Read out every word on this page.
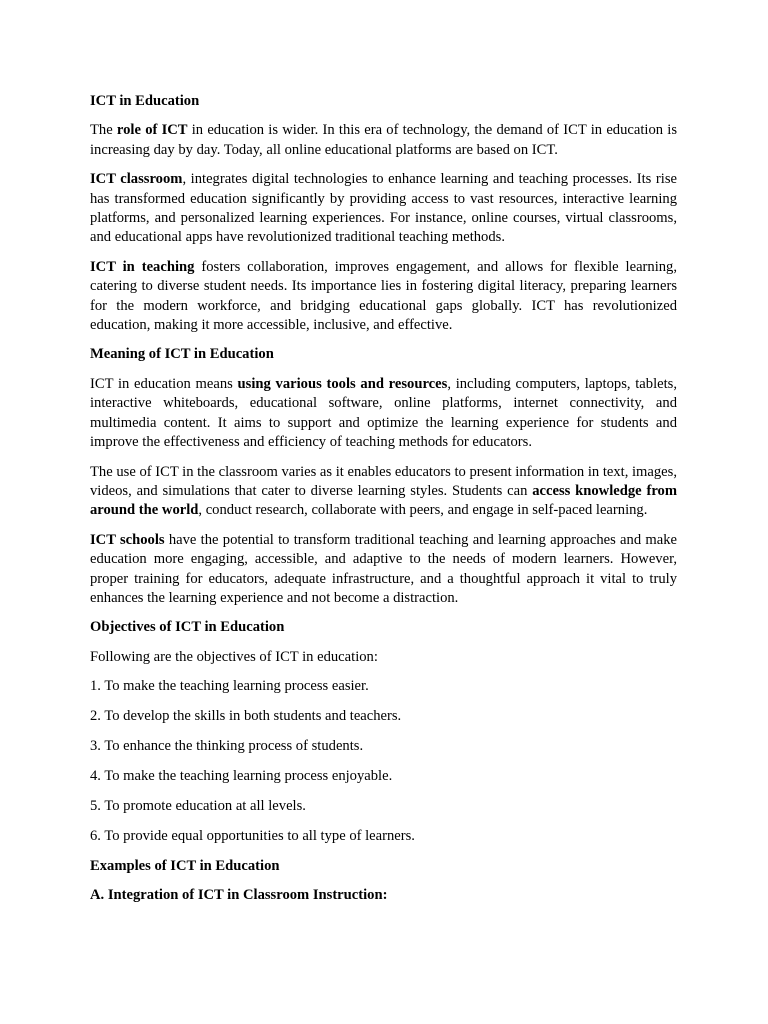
ICT in Education

The role of ICT in education is wider. In this era of technology, the demand of ICT in education is increasing day by day. Today, all online educational platforms are based on ICT.

ICT classroom, integrates digital technologies to enhance learning and teaching processes. Its rise has transformed education significantly by providing access to vast resources, interactive learning platforms, and personalized learning experiences. For instance, online courses, virtual classrooms, and educational apps have revolutionized traditional teaching methods.

ICT in teaching fosters collaboration, improves engagement, and allows for flexible learning, catering to diverse student needs. Its importance lies in fostering digital literacy, preparing learners for the modern workforce, and bridging educational gaps globally. ICT has revolutionized education, making it more accessible, inclusive, and effective.

Meaning of ICT in Education

ICT in education means using various tools and resources, including computers, laptops, tablets, interactive whiteboards, educational software, online platforms, internet connectivity, and multimedia content. It aims to support and optimize the learning experience for students and improve the effectiveness and efficiency of teaching methods for educators.

The use of ICT in the classroom varies as it enables educators to present information in text, images, videos, and simulations that cater to diverse learning styles. Students can access knowledge from around the world, conduct research, collaborate with peers, and engage in self-paced learning.

ICT schools have the potential to transform traditional teaching and learning approaches and make education more engaging, accessible, and adaptive to the needs of modern learners. However, proper training for educators, adequate infrastructure, and a thoughtful approach it vital to truly enhances the learning experience and not become a distraction.

Objectives of ICT in Education

Following are the objectives of ICT in education:

1. To make the teaching learning process easier.
2. To develop the skills in both students and teachers.
3. To enhance the thinking process of students.
4. To make the teaching learning process enjoyable.
5. To promote education at all levels.
6. To provide equal opportunities to all type of learners.
Examples of ICT in Education
A. Integration of ICT in Classroom Instruction:
